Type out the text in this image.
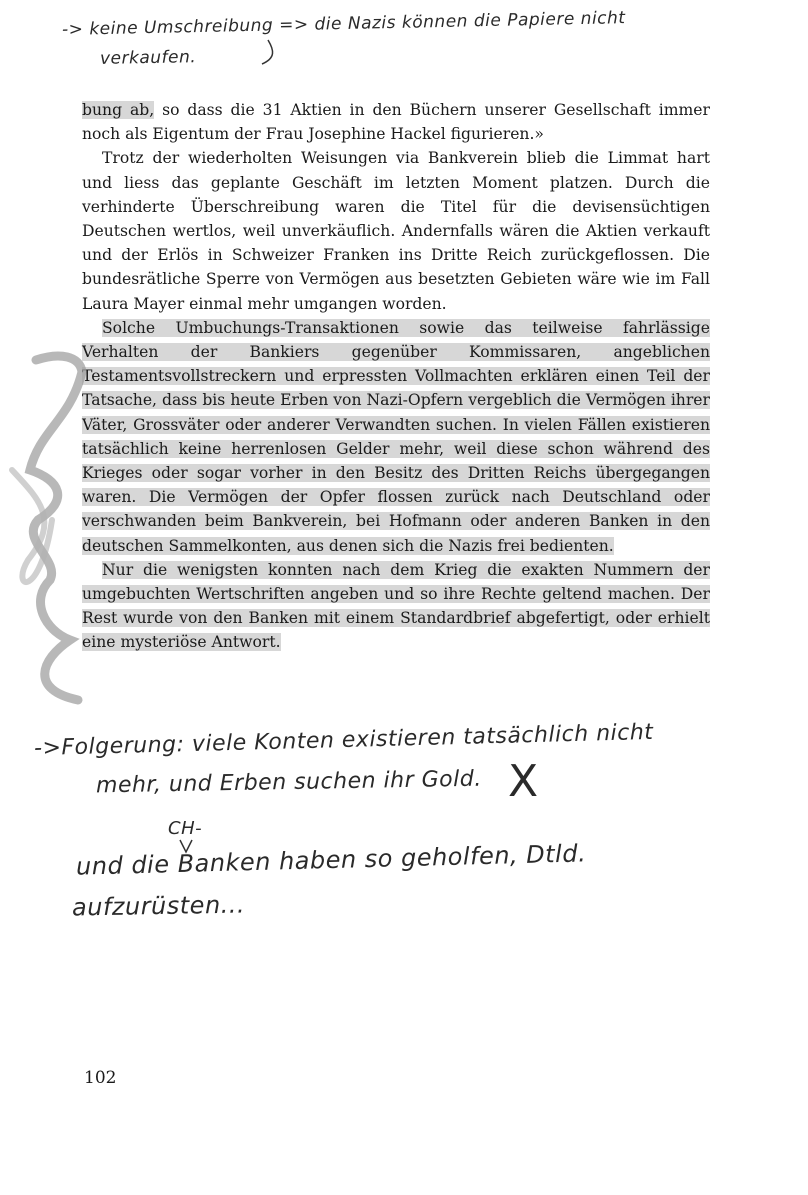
-> keine Umschreibung => die Nazis können die Papiere nicht

verkaufen.

bung ab, so dass die 31 Aktien in den Büchern unserer Gesellschaft immer noch als Eigentum der Frau Josephine Hackel figurieren.»

Trotz der wiederholten Weisungen via Bankverein blieb die Limmat hart und liess das geplante Geschäft im letzten Moment platzen. Durch die verhinderte Überschreibung waren die Titel für die devisensüchtigen Deutschen wertlos, weil unverkäuflich. Andernfalls wären die Aktien verkauft und der Erlös in Schweizer Franken ins Dritte Reich zurückgeflossen. Die bundesrätliche Sperre von Vermögen aus besetzten Gebieten wäre wie im Fall Laura Mayer einmal mehr umgangen worden.

Solche Umbuchungs-Transaktionen sowie das teilweise fahrlässige Verhalten der Bankiers gegenüber Kommissaren, angeblichen Testamentsvollstreckern und erpressten Vollmachten erklären einen Teil der Tatsache, dass bis heute Erben von Nazi-Opfern vergeblich die Vermögen ihrer Väter, Grossväter oder anderer Verwandten suchen. In vielen Fällen existieren tatsächlich keine herrenlosen Gelder mehr, weil diese schon während des Krieges oder sogar vorher in den Besitz des Dritten Reichs übergegangen waren. Die Vermögen der Opfer flossen zurück nach Deutschland oder verschwanden beim Bankverein, bei Hofmann oder anderen Banken in den deutschen Sammelkonten, aus denen sich die Nazis frei bedienten.

Nur die wenigsten konnten nach dem Krieg die exakten Nummern der umgebuchten Wertschriften angeben und so ihre Rechte geltend machen. Der Rest wurde von den Banken mit einem Standardbrief abgefertigt, oder erhielt eine mysteriöse Antwort.

->Folgerung: viele Konten existieren tatsächlich nicht

mehr, und Erben suchen ihr Gold. X

CH-

und die Banken haben so geholfen, Dtld.

aufzurüsten...

102
